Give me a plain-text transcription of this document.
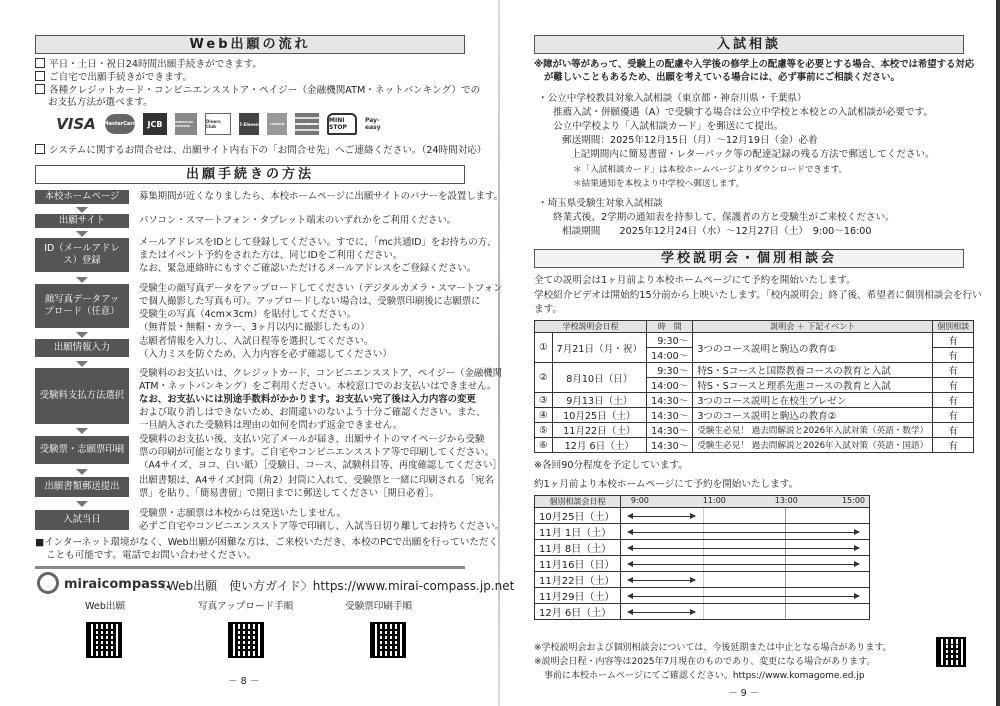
Web出願の流れ
平日・土日・祝日24時間出願手続きができます。
ご自宅で出願手続きができます。
各種クレジットカード・コンビニエンスストア・ペイジー（金融機関ATM・ネットバンキング）での
お支払方法が選べます。
VISA MasterCard	JCB	AMERICAN EXPRESS
Diners Club	7-Eleven	LAWSON	FamilyMart	MINI STOP
Pay-easy
システムに関するお問合せは、出願サイト内右下の「お問合せ先」へご連絡ください。（24時間対応）
出願手続きの方法
本校ホームページ	募集期間が近くなりましたら、本校ホームページに出願サイトのバナーを設置します。
出願サイト	パソコン・スマートフォン・タブレット端末のいずれかをご利用ください。
ID（メールアドレス）登録
メールアドレスをIDとして登録してください。すでに、「mc共通ID」をお持ちの方、
またはイベント予約をされた方は、同じIDをご利用ください。
なお、緊急連絡時にもすぐご確認いただけるメールアドレスをご登録ください。
顔写真データアップロード（任意）
受験生の顔写真データをアップロードしてください（デジタルカメラ・スマートフォン
で個人撮影した写真も可）。アップロードしない場合は、受験票印刷後に志願票に
受験生の写真（4cm×3cm）を貼付してください。
（無背景・無帽・カラー、3ヶ月以内に撮影したもの）
出願情報入力
志願者情報を入力し、入試日程等を選択してください。
（入力ミスを防ぐため、入力内容を必ず確認してください）
受験料支払方法選択
受験料のお支払いは、クレジットカード、コンビニエンスストア、ペイジー（金融機関
ATM・ネットバンキング）をご利用ください。本校窓口でのお支払いはできません。
なお、お支払いには別途手数料がかかります。お支払い完了後は入力内容の変更
および取り消しはできないため、お間違いのないよう十分ご確認ください。また、
一旦納入された受験料は理由の如何を問わず返金できません。
受験票・志願票印刷
受験料のお支払い後、支払い完了メールが届き、出願サイトのマイページから受験
票の印刷が可能となります。ご自宅やコンビニエンスストア等で印刷してください。
（A4サイズ、ヨコ、白い紙）［受験日、コース、試験科目等、再度確認してください］
出願書類郵送提出
出願書類は、A4サイズ封筒（角2）封筒に入れて、受験票と一緒に印刷される「宛名
票」を貼り、「簡易書留」で期日までに郵送してください［期日必着］。
入試当日
受験票・志願票は本校からは発送いたしません。
必ずご自宅やコンビニエンスストア等で印刷し、入試当日切り離してお持ちください。
■インターネット環境がなく、Web出願が困難な方は、ご来校いただき、本校のPCで出願を行っていただく
ことも可能です。電話でお問い合わせください。
miraicompass.
〈Web出願　使い方ガイド〉https://www.mirai-compass.jp.net
Web出願	写真アップロード手順	受験票印刷手順
－ 8 －
入試相談
※障がい等があって、受験上の配慮や入学後の修学上の配慮等を必要とする場合、本校では希望する対応
が難しいこともあるため、出願を考えている場合には、必ず事前にご相談ください。
・公立中学校教員対象入試相談（東京都・神奈川県・千葉県）
推薦入試・併願優遇（A）で受験する場合は公立中学校と本校との入試相談が必要です。
公立中学校より「入試相談カード」を郵送にて提出。
郵送期間：2025年12月15日（月）～12月19日（金）必着
上記期間内に簡易書留・レターパック等の配達記録の残る方法で郵送してください。
＊「入試相談カード」は本校ホームページよりダウンロードできます。
＊結果通知を本校より中学校へ郵送します。
・埼玉県受験生対象入試相談
終業式後、2学期の通知表を持参して、保護者の方と受験生がご来校ください。
相談期間　　2025年12月24日（水）～12月27日（土）　9:00～16:00
学校説明会・個別相談会
全ての説明会は1ヶ月前より本校ホームページにて予約を開始いたします。
学校紹介ビデオは開始約15分前から上映いたします。「校内説明会」終了後、希望者に個別相談会を行い
ます。
学校説明会日程		時　間	説明会 ＋ 下記イベント	個別相談
①	7月21日（月・祝）	9:30～	3つのコース説明と駒込の教育①	有
		14:00～		有
②	8月10日（日）	9:30～	特S・Sコースと国際教養コースの教育と入試	有
		14:00～	特S・Sコースと理系先進コースの教育と入試	有
③	9月13日（土）	14:30～	3つのコース説明と在校生プレゼン	有
④	10月25日（土）	14:30～	3つのコース説明と駒込の教育②	有
⑤	11月22日（土）	14:30～	受験生必見！ 過去問解説と2026年入試対策（英語・数学）	有
⑥	12月 6日（土）	14:30～	受験生必見！ 過去問解説と2026年入試対策（英語・国語）	有
※各回90分程度を予定しています。
約1ヶ月前より本校ホームページにて予約を開始いたします。
個別相談会日程	9:00 11:00 13:00 15:00

10月25日（土）	

11月 1日（土）	

11月 8日（土）	

11月16日（日）	

11月22日（土）	

11月29日（土）	

12月 6日（土）	
※学校説明会および個別相談会については、今後延期または中止となる場合があります。
※説明会日程・内容等は2025年7月現在のものであり、変更になる場合があります。
事前に本校ホームページにてご確認ください。https://www.komagome.ed.jp
－ 9 －
